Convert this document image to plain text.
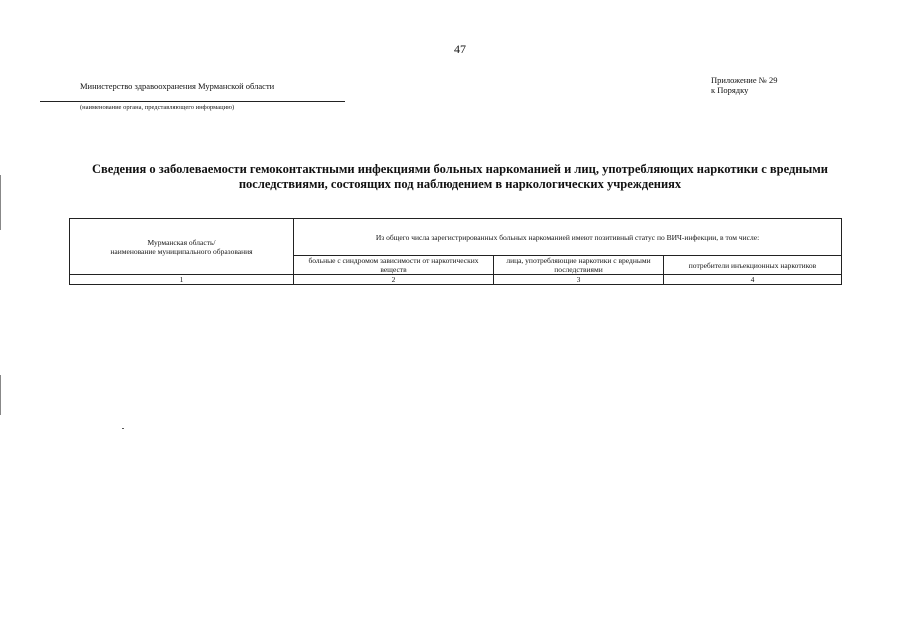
47
Министерство здравоохранения Мурманской области
(наименование органа, представляющего информацию)
Приложение № 29
к Порядку
Сведения о заболеваемости гемоконтактными инфекциями больных наркоманией и лиц, употребляющих наркотики с вредными
последствиями, состоящих под наблюдением в наркологических учреждениях
Мурманская область/
наименование муниципального образования	Из общего числа зарегистрированных больных наркоманией имеют позитивный статус по ВИЧ-инфекции, в том числе:		
	больные с синдромом зависимости от наркотических веществ	лица, употребляющие наркотики с вредными последствиями	потребители инъекционных наркотиков
1	2	3	4
